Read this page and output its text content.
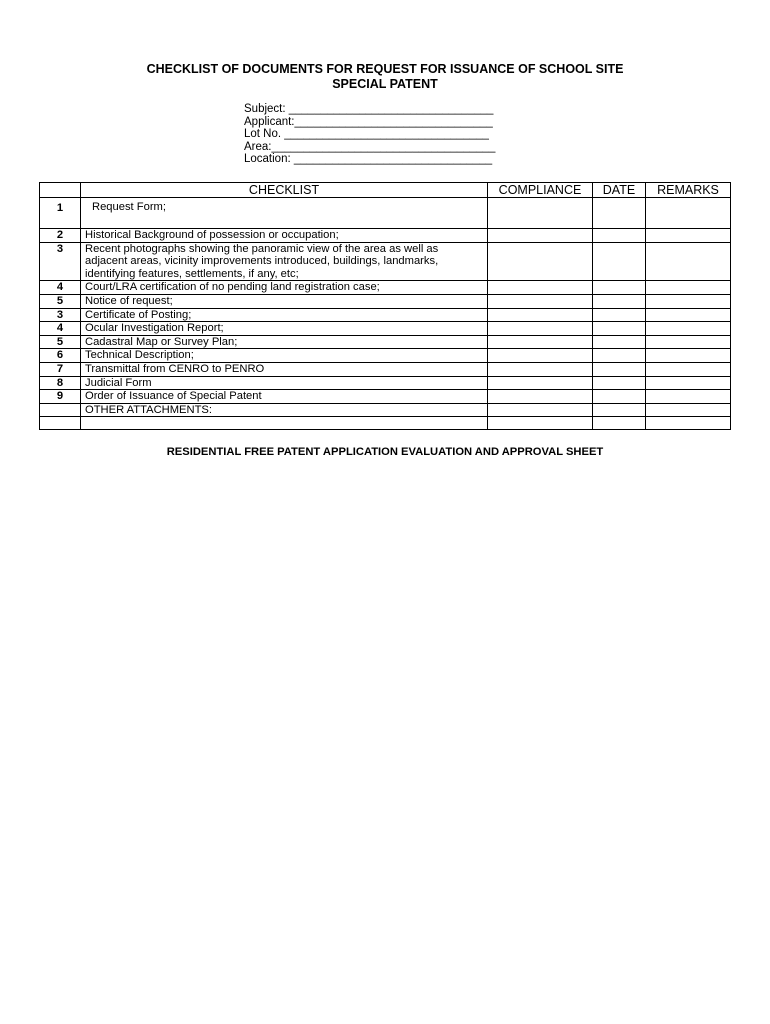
CHECKLIST OF DOCUMENTS FOR REQUEST FOR ISSUANCE OF SCHOOL SITE
SPECIAL PATENT
Subject: ________________________________
Applicant:_______________________________
Lot No. ________________________________
Area:___________________________________
Location: _______________________________
	CHECKLIST	COMPLIANCE	DATE	REMARKS
1	Request Form;			
2	Historical Background of possession or occupation;			
3	Recent photographs showing the panoramic view of the area as well as adjacent areas, vicinity improvements introduced, buildings, landmarks, identifying features, settlements, if any, etc;			
4	Court/LRA certification of no pending land registration case;			
5	Notice of request;			
3	Certificate of Posting;			
4	Ocular Investigation Report;			
5	Cadastral Map or Survey Plan;			
6	Technical Description;			
7	Transmittal from CENRO to PENRO			
8	Judicial Form			
9	Order of Issuance of Special Patent			
	OTHER ATTACHMENTS:			

RESIDENTIAL FREE PATENT APPLICATION EVALUATION AND APPROVAL SHEET
